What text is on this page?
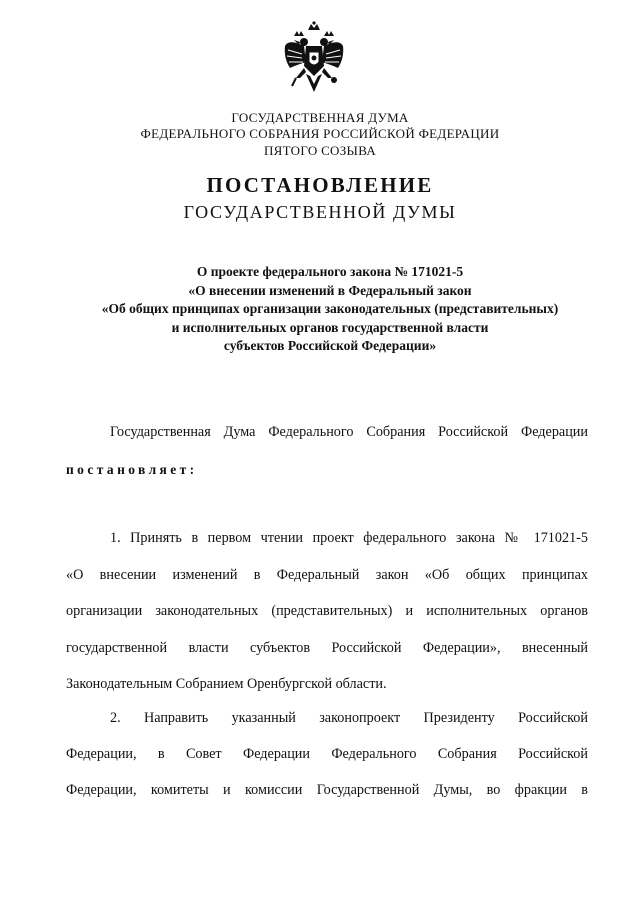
ГОСУДАРСТВЕННАЯ ДУМА

ФЕДЕРАЛЬНОГО СОБРАНИЯ РОССИЙСКОЙ ФЕДЕРАЦИИ

ПЯТОГО СОЗЫВА

ПОСТАНОВЛЕНИЕ

ГОСУДАРСТВЕННОЙ ДУМЫ

О проекте федерального закона № 171021-5
«О внесении изменений в Федеральный закон
«Об общих принципах организации законодательных (представительных)
и исполнительных органов государственной власти
субъектов Российской Федерации»
Государственная Дума Федерального Собрания Российской Федерации
постановляет:
1. Принять в первом чтении проект федерального закона № 171021-5
«О внесении изменений в Федеральный закон «Об общих принципах
организации законодательных (представительных) и исполнительных органов
государственной власти субъектов Российской Федерации», внесенный
Законодательным Собранием Оренбургской области.
2. Направить указанный законопроект Президенту Российской
Федерации, в Совет Федерации Федерального Собрания Российской
Федерации, комитеты и комиссии Государственной Думы, во фракции в
